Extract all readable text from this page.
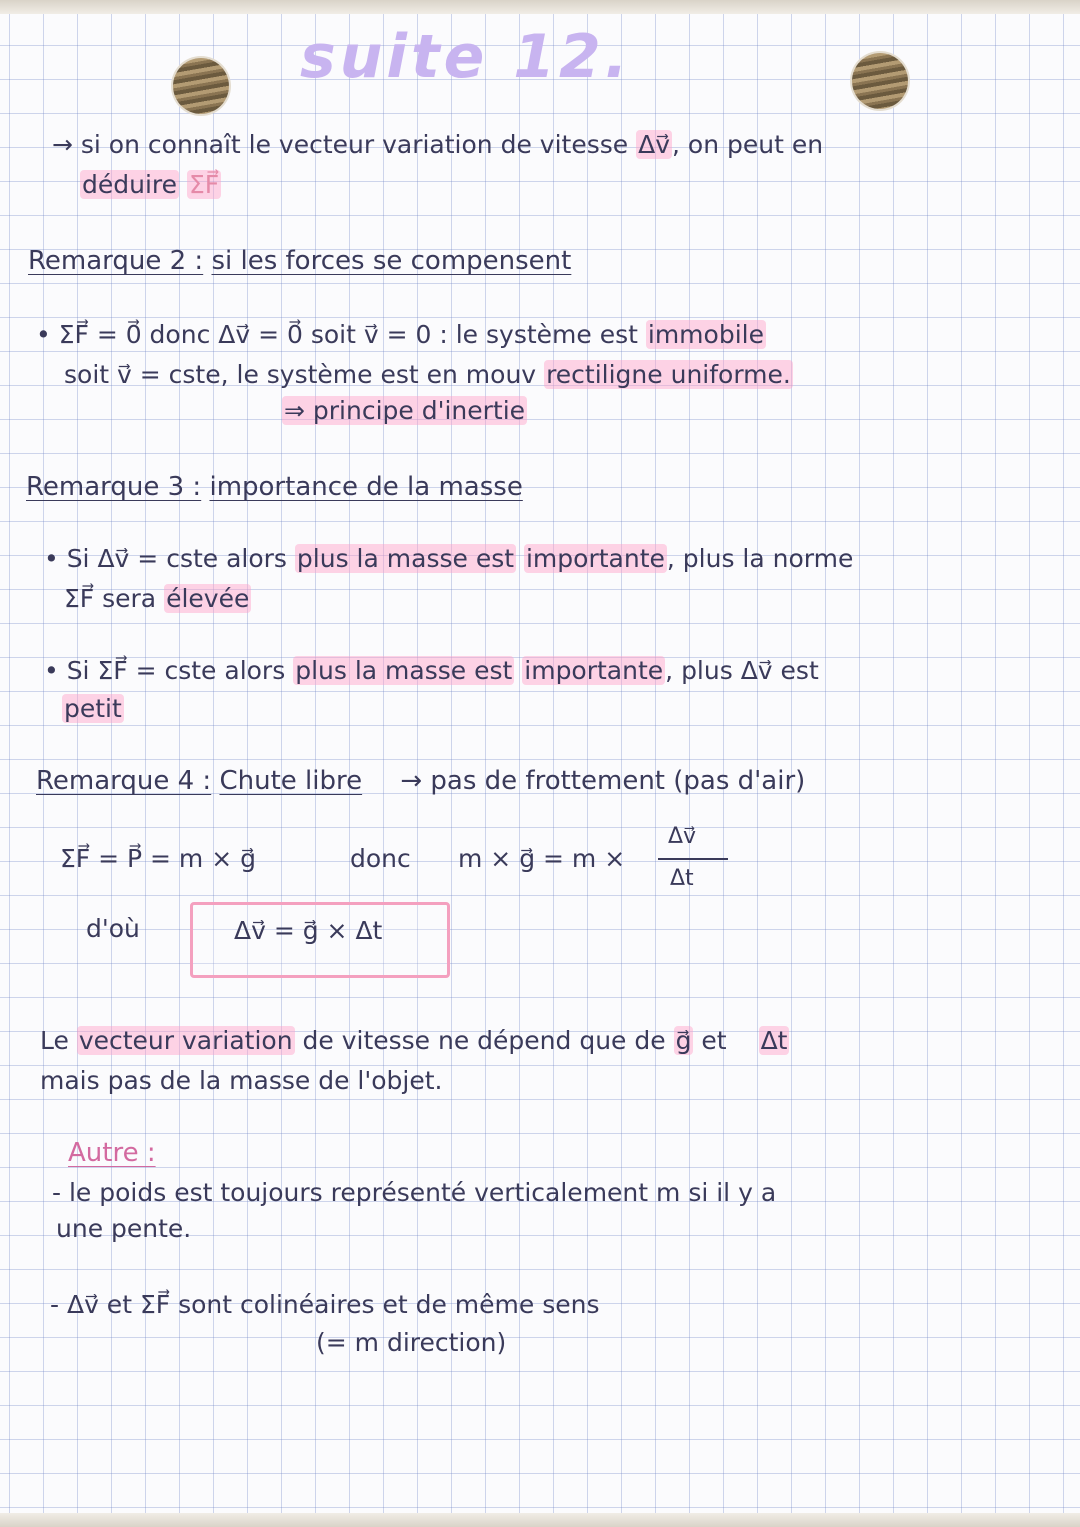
suite 12.
→ si on connaît le vecteur variation de vitesse Δv⃗, on peut en
déduire ΣF⃗
Remarque 2 : si les forces se compensent
• ΣF⃗ = 0⃗ donc Δv⃗ = 0⃗ soit v⃗ = 0 : le système est immobile
soit v⃗ = cste, le système est en mouv rectiligne uniforme.
⇒ principe d'inertie
Remarque 3 : importance de la masse
• Si Δv⃗ = cste alors plus la masse est importante, plus la norme
ΣF⃗ sera élevée
• Si ΣF⃗ = cste alors plus la masse est importante, plus Δv⃗ est
petit
Remarque 4 : Chute libre → pas de frottement (pas d'air)
ΣF⃗ = P⃗ = m × g⃗	donc m × g⃗ = m ×
Δv⃗
Δt
d'où	Δv⃗ = g⃗ × Δt
Le vecteur variation de vitesse ne dépend que de g⃗ et Δt
mais pas de la masse de l'objet.
Autre :
- le poids est toujours représenté verticalement m si il y a
une pente.
- Δv⃗ et ΣF⃗ sont colinéaires et de même sens
(= m direction)
